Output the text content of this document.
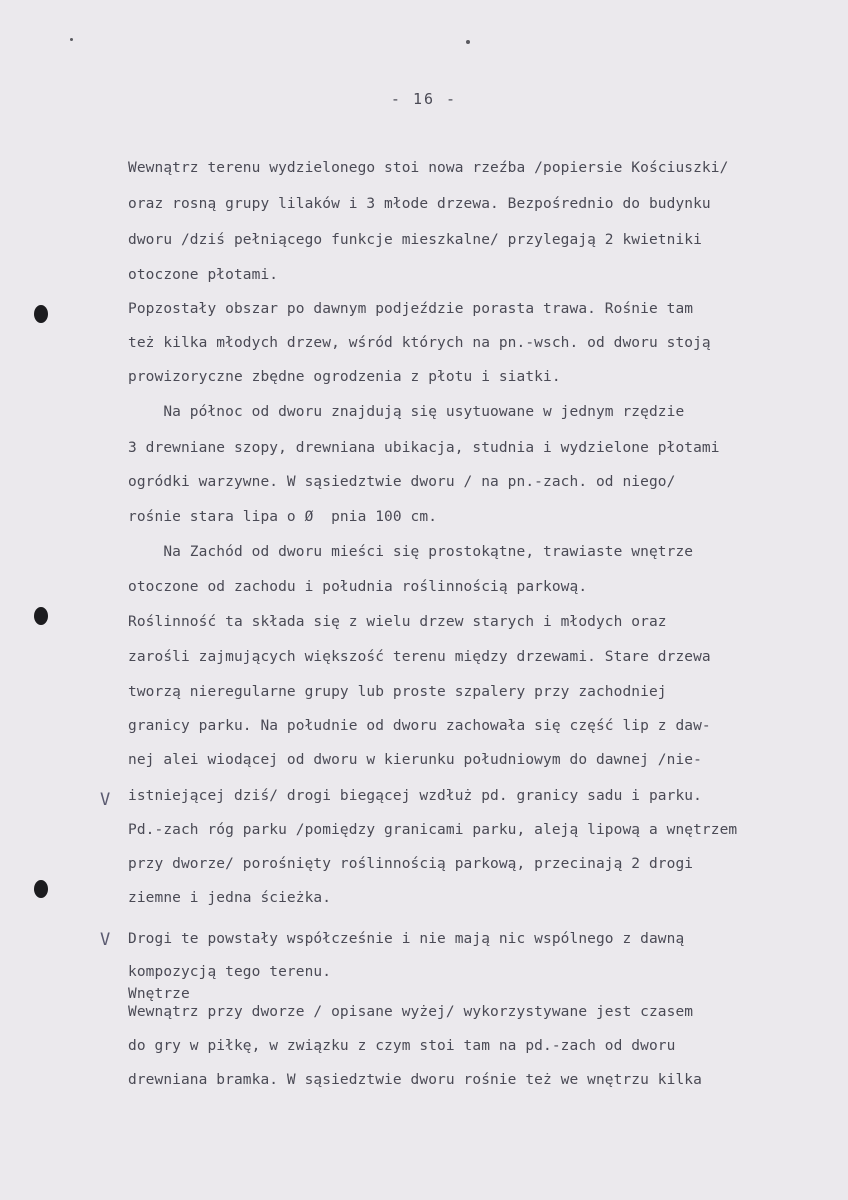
- 16 -
V
V
Wewnątrz terenu wydzielonego stoi nowa rzeźba /popiersie Kościuszki/
oraz rosną grupy lilaków i 3 młode drzewa. Bezpośrednio do budynku
dworu /dziś pełniącego funkcje mieszkalne/ przylegają 2 kwietniki
otoczone płotami.
Popzostały obszar po dawnym podjeździe porasta trawa. Rośnie tam
też kilka młodych drzew, wśród których na pn.-wsch. od dworu stoją
prowizoryczne zbędne ogrodzenia z płotu i siatki.
Na północ od dworu znajdują się usytuowane w jednym rzędzie
3 drewniane szopy, drewniana ubikacja, studnia i wydzielone płotami
ogródki warzywne. W sąsiedztwie dworu / na pn.-zach. od niego/
rośnie stara lipa o Ø  pnia 100 cm.
Na Zachód od dworu mieści się prostokątne, trawiaste wnętrze
otoczone od zachodu i południa roślinnością parkową.
Roślinność ta składa się z wielu drzew starych i młodych oraz
zarośli zajmujących większość terenu między drzewami. Stare drzewa
tworzą nieregularne grupy lub proste szpalery przy zachodniej
granicy parku. Na południe od dworu zachowała się część lip z daw-
nej alei wiodącej od dworu w kierunku południowym do dawnej /nie-
istniejącej dziś/ drogi biegącej wzdłuż pd. granicy sadu i parku.
Pd.-zach róg parku /pomiędzy granicami parku, aleją lipową a wnętrzem
przy dworze/ porośnięty roślinnością parkową, przecinają 2 drogi
ziemne i jedna ścieżka.
Drogi te powstały współcześnie i nie mają nic wspólnego z dawną
kompozycją tego terenu.
Wnętrze
Wewnątrz przy dworze / opisane wyżej/ wykorzystywane jest czasem
do gry w piłkę, w związku z czym stoi tam na pd.-zach od dworu
drewniana bramka. W sąsiedztwie dworu rośnie też we wnętrzu kilka
